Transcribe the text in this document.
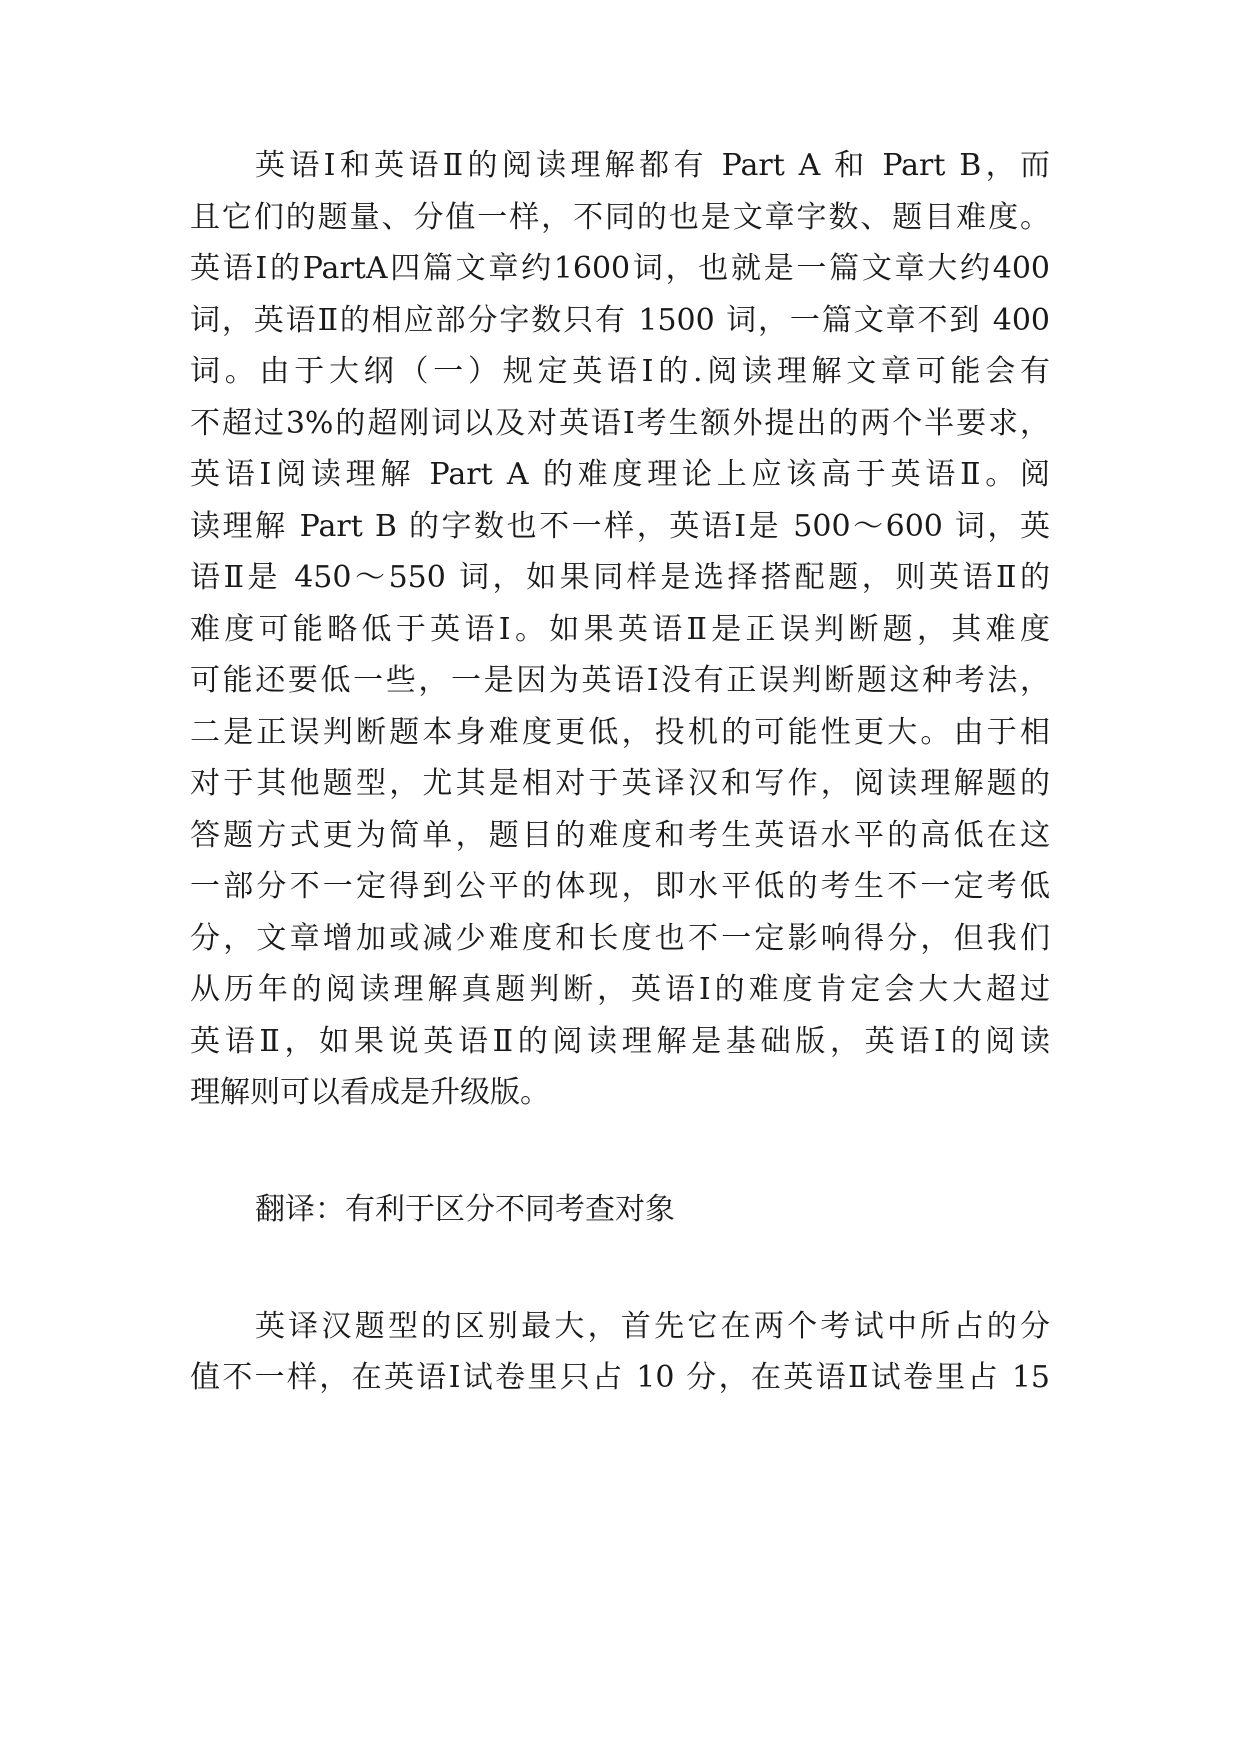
英语Ⅰ和英语Ⅱ的阅读理解都有 Part A 和 Part B，而
且它们的题量、分值一样，不同的也是文章字数、题目难度。
英语Ⅰ的PartA四篇文章约1600词，也就是一篇文章大约400
词，英语Ⅱ的相应部分字数只有 1500 词，一篇文章不到 400
词。由于大纲（一）规定英语Ⅰ的.阅读理解文章可能会有
不超过3%的超刚词以及对英语Ⅰ考生额外提出的两个半要求，
英语Ⅰ阅读理解 Part A 的难度理论上应该高于英语Ⅱ。阅
读理解 Part B 的字数也不一样，英语Ⅰ是 500～600 词，英
语Ⅱ是 450～550 词，如果同样是选择搭配题，则英语Ⅱ的
难度可能略低于英语Ⅰ。如果英语Ⅱ是正误判断题，其难度
可能还要低一些，一是因为英语Ⅰ没有正误判断题这种考法，
二是正误判断题本身难度更低，投机的可能性更大。由于相
对于其他题型，尤其是相对于英译汉和写作，阅读理解题的
答题方式更为简单，题目的难度和考生英语水平的高低在这
一部分不一定得到公平的体现，即水平低的考生不一定考低
分，文章增加或减少难度和长度也不一定影响得分，但我们
从历年的阅读理解真题判断，英语Ⅰ的难度肯定会大大超过
英语Ⅱ，如果说英语Ⅱ的阅读理解是基础版，英语Ⅰ的阅读
理解则可以看成是升级版。
翻译：有利于区分不同考查对象
英译汉题型的区别最大，首先它在两个考试中所占的分
值不一样，在英语Ⅰ试卷里只占 10 分，在英语Ⅱ试卷里占 15
